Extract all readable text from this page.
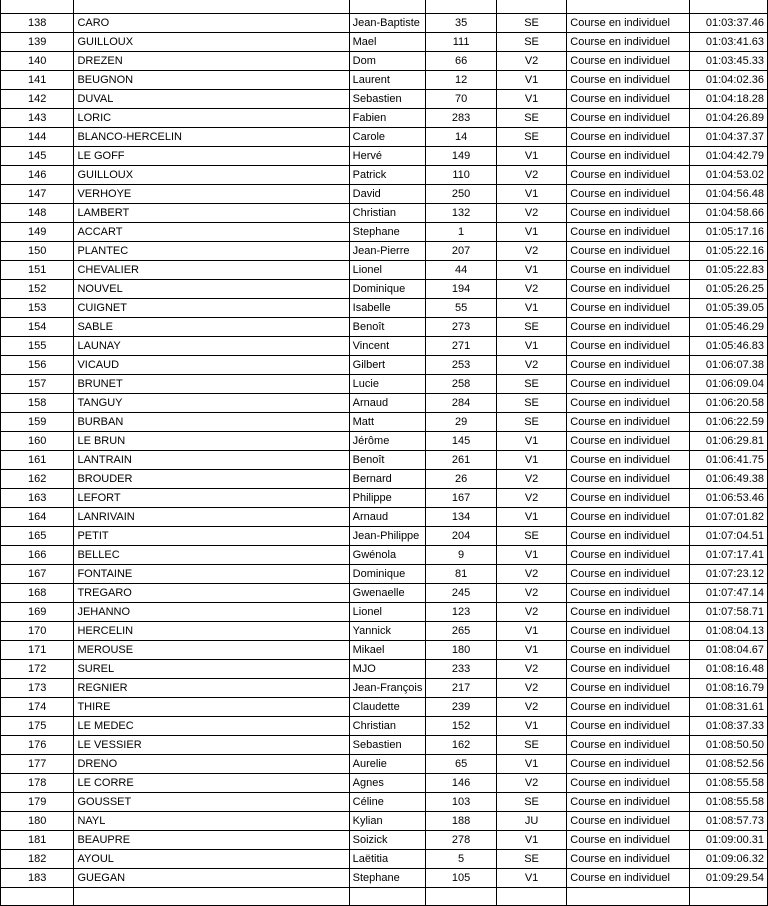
138	CARO	Jean-Baptiste	35	SE	Course en individuel	01:03:37.46
139	GUILLOUX	Mael	111	SE	Course en individuel	01:03:41.63
140	DREZEN	Dom	66	V2	Course en individuel	01:03:45.33
141	BEUGNON	Laurent	12	V1	Course en individuel	01:04:02.36
142	DUVAL	Sebastien	70	V1	Course en individuel	01:04:18.28
143	LORIC	Fabien	283	SE	Course en individuel	01:04:26.89
144	BLANCO-HERCELIN	Carole	14	SE	Course en individuel	01:04:37.37
145	LE GOFF	Hervé	149	V1	Course en individuel	01:04:42.79
146	GUILLOUX	Patrick	110	V2	Course en individuel	01:04:53.02
147	VERHOYE	David	250	V1	Course en individuel	01:04:56.48
148	LAMBERT	Christian	132	V2	Course en individuel	01:04:58.66
149	ACCART	Stephane	1	V1	Course en individuel	01:05:17.16
150	PLANTEC	Jean-Pierre	207	V2	Course en individuel	01:05:22.16
151	CHEVALIER	Lionel	44	V1	Course en individuel	01:05:22.83
152	NOUVEL	Dominique	194	V2	Course en individuel	01:05:26.25
153	CUIGNET	Isabelle	55	V1	Course en individuel	01:05:39.05
154	SABLE	Benoît	273	SE	Course en individuel	01:05:46.29
155	LAUNAY	Vincent	271	V1	Course en individuel	01:05:46.83
156	VICAUD	Gilbert	253	V2	Course en individuel	01:06:07.38
157	BRUNET	Lucie	258	SE	Course en individuel	01:06:09.04
158	TANGUY	Arnaud	284	SE	Course en individuel	01:06:20.58
159	BURBAN	Matt	29	SE	Course en individuel	01:06:22.59
160	LE BRUN	Jérôme	145	V1	Course en individuel	01:06:29.81
161	LANTRAIN	Benoît	261	V1	Course en individuel	01:06:41.75
162	BROUDER	Bernard	26	V2	Course en individuel	01:06:49.38
163	LEFORT	Philippe	167	V2	Course en individuel	01:06:53.46
164	LANRIVAIN	Arnaud	134	V1	Course en individuel	01:07:01.82
165	PETIT	Jean-Philippe	204	SE	Course en individuel	01:07:04.51
166	BELLEC	Gwénola	9	V1	Course en individuel	01:07:17.41
167	FONTAINE	Dominique	81	V2	Course en individuel	01:07:23.12
168	TREGARO	Gwenaelle	245	V2	Course en individuel	01:07:47.14
169	JEHANNO	Lionel	123	V2	Course en individuel	01:07:58.71
170	HERCELIN	Yannick	265	V1	Course en individuel	01:08:04.13
171	MEROUSE	Mikael	180	V1	Course en individuel	01:08:04.67
172	SUREL	MJO	233	V2	Course en individuel	01:08:16.48
173	REGNIER	Jean-François	217	V2	Course en individuel	01:08:16.79
174	THIRE	Claudette	239	V2	Course en individuel	01:08:31.61
175	LE MEDEC	Christian	152	V1	Course en individuel	01:08:37.33
176	LE VESSIER	Sebastien	162	SE	Course en individuel	01:08:50.50
177	DRENO	Aurelie	65	V1	Course en individuel	01:08:52.56
178	LE CORRE	Agnes	146	V2	Course en individuel	01:08:55.58
179	GOUSSET	Céline	103	SE	Course en individuel	01:08:55.58
180	NAYL	Kylian	188	JU	Course en individuel	01:08:57.73
181	BEAUPRE	Soizick	278	V1	Course en individuel	01:09:00.31
182	AYOUL	Laëtitia	5	SE	Course en individuel	01:09:06.32
183	GUEGAN	Stephane	105	V1	Course en individuel	01:09:29.54
